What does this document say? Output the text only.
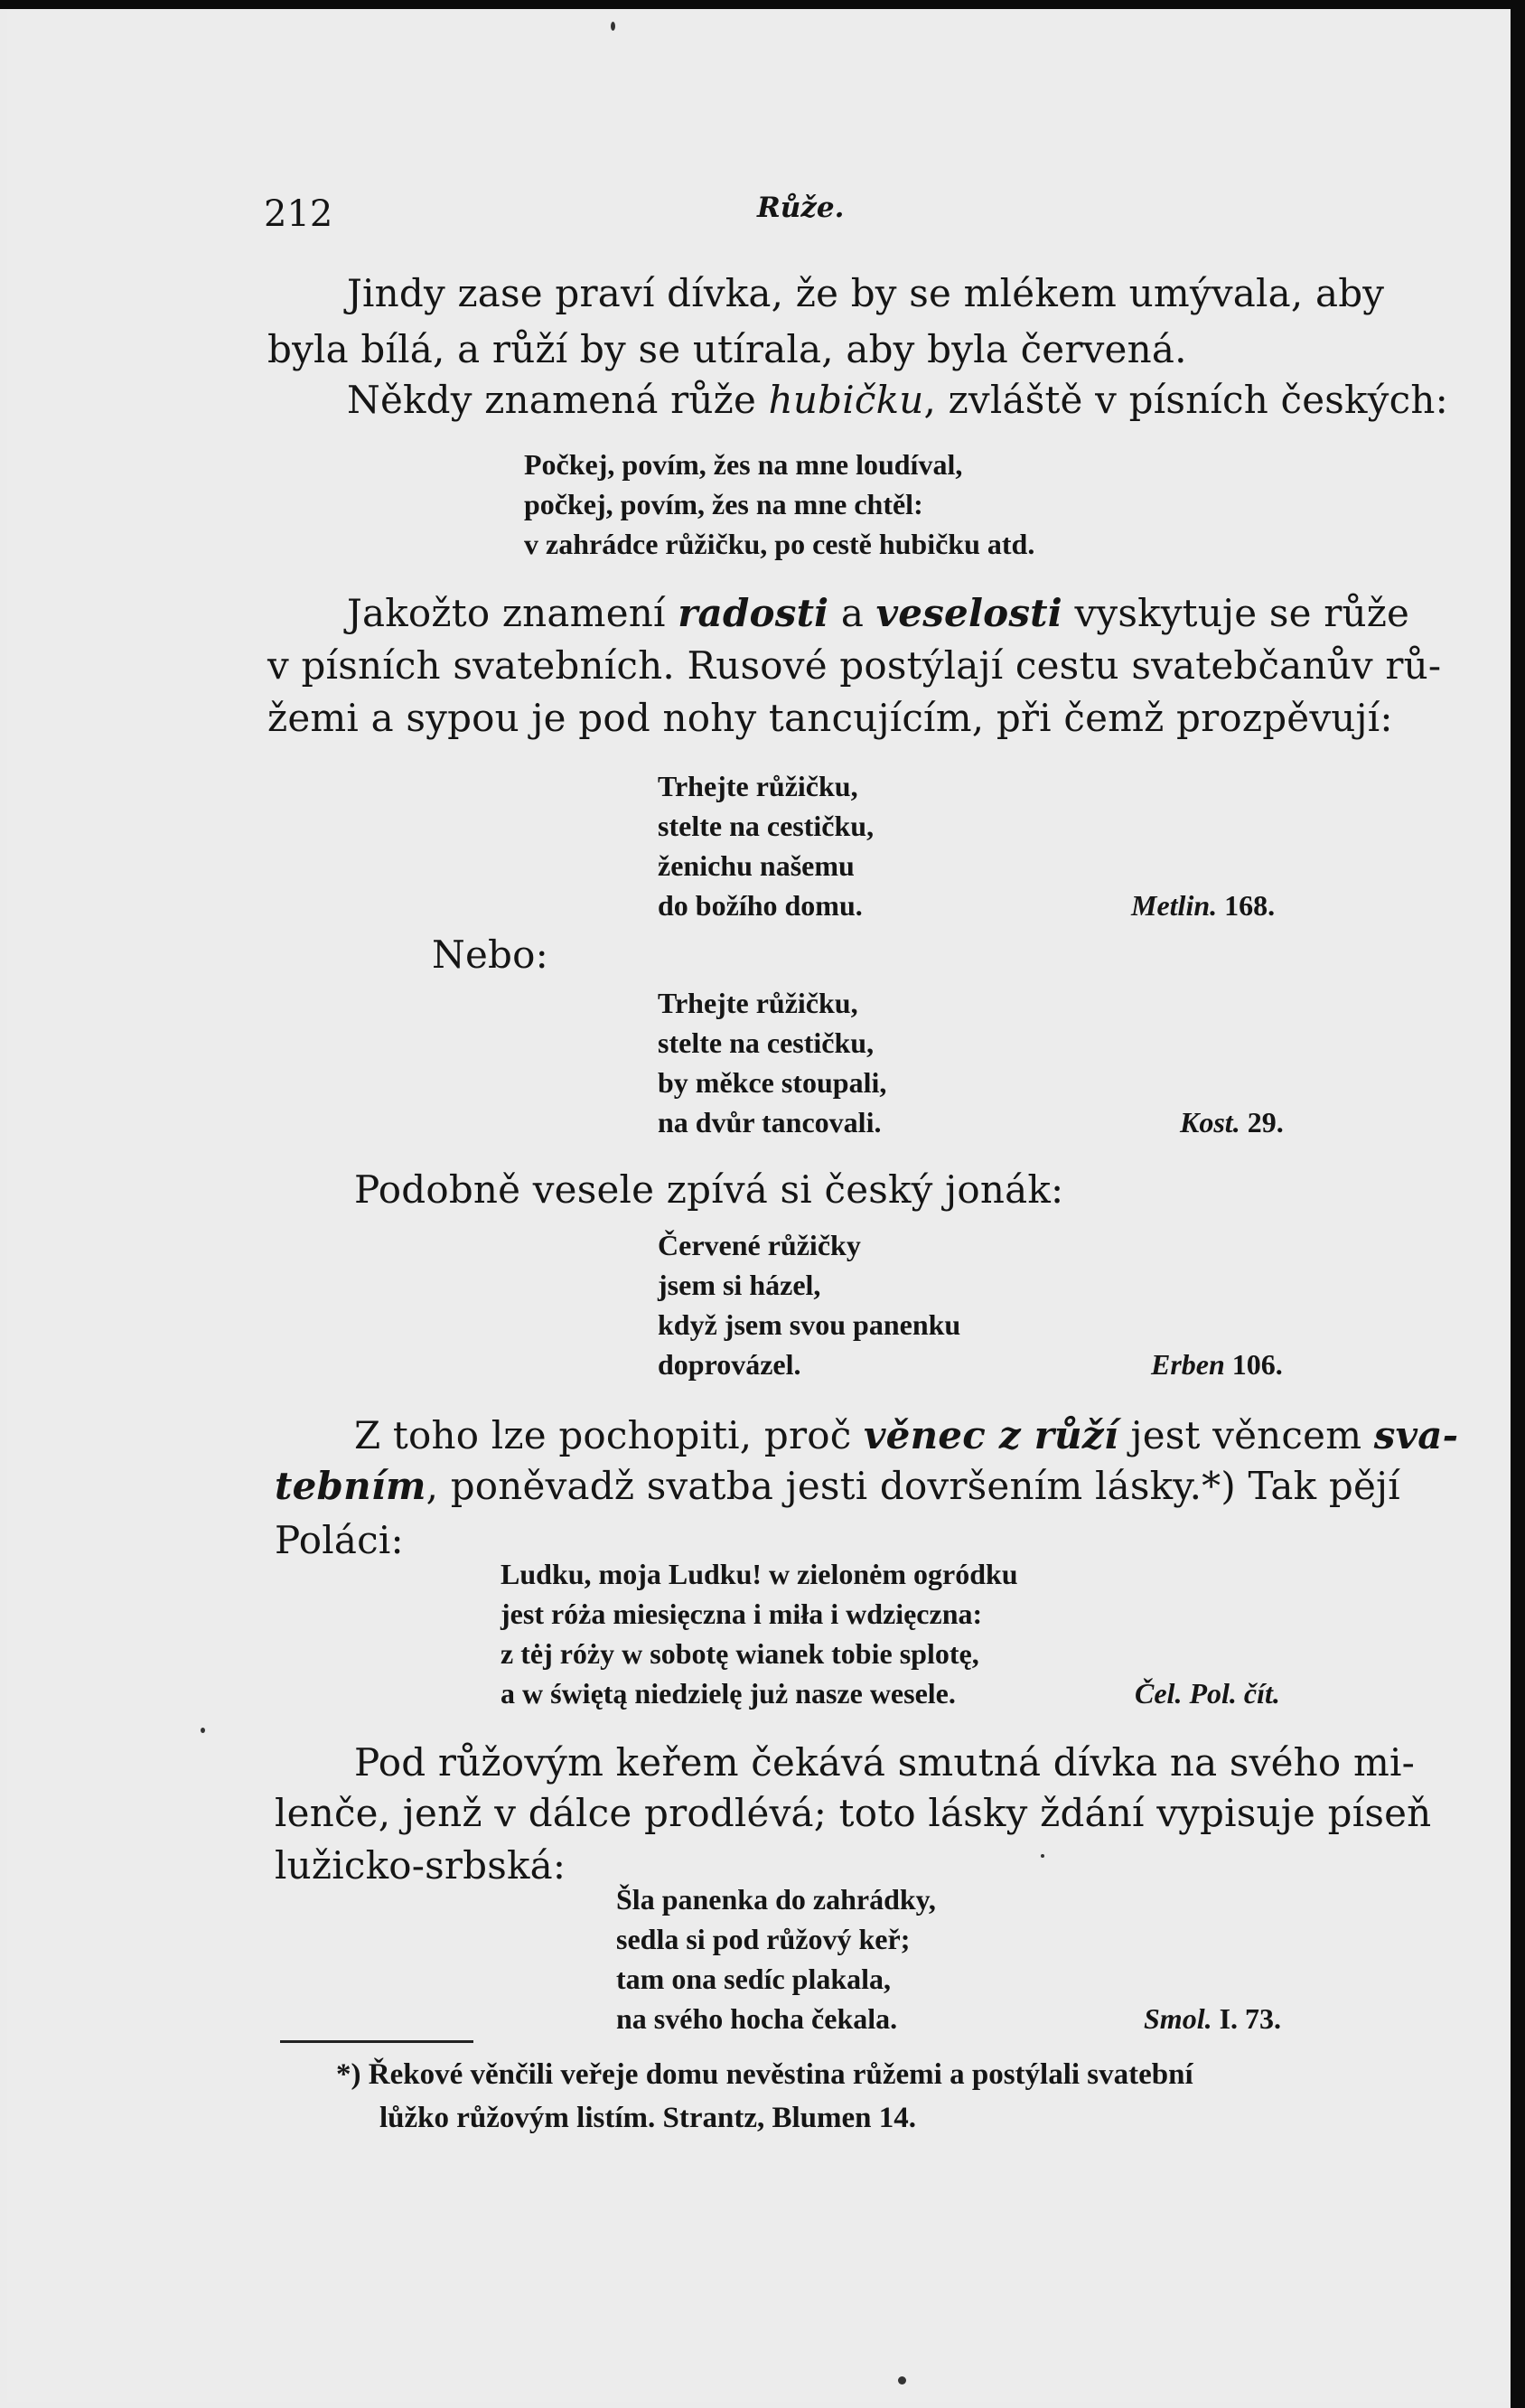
212	Růže.
Jindy zase praví dívka, že by se mlékem umývala, aby
byla bílá, a růží by se utírala, aby byla červená.
Někdy znamená růže hubičku, zvláště v písních českých:
Počkej, povím, žes na mne loudíval,
počkej, povím, žes na mne chtěl:
v zahrádce růžičku, po cestě hubičku atd.
Jakožto znamení radosti a veselosti vyskytuje se růže
v písních svatebních. Rusové postýlají cestu svatebčanův rů-
žemi a sypou je pod nohy tancujícím, při čemž prozpěvují:
Trhejte růžičku,
stelte na cestičku,
ženichu našemu
do božího domu.	Metlin. 168.
Nebo:
Trhejte růžičku,
stelte na cestičku,
by měkce stoupali,
na dvůr tancovali.	Kost. 29.
Podobně vesele zpívá si český jonák:
Červené růžičky
jsem si házel,
když jsem svou panenku
doprovázel.	Erben 106.
Z toho lze pochopiti, proč věnec z růží jest věncem sva-
tebním, poněvadž svatba jesti dovršením lásky.*) Tak pějí
Poláci:
Ludku, moja Ludku! w zielonėm ogródku
jest róża miesięczna i miła i wdzięczna:
z tėj róży w sobotę wianek tobie splotę,
a w świętą niedzielę już nasze wesele.	Čel. Pol. čít.
Pod růžovým keřem čekává smutná dívka na svého mi-
lenče, jenž v dálce prodlévá; toto lásky ždání vypisuje píseň
lužicko-srbská:
Šla panenka do zahrádky,
sedla si pod růžový keř;
tam ona sedíc plakala,
na svého hocha čekala.	Smol. I. 73.
*) Řekové věnčili veřeje domu nevěstina růžemi a postýlali svatební
lůžko růžovým listím. Strantz, Blumen 14.
